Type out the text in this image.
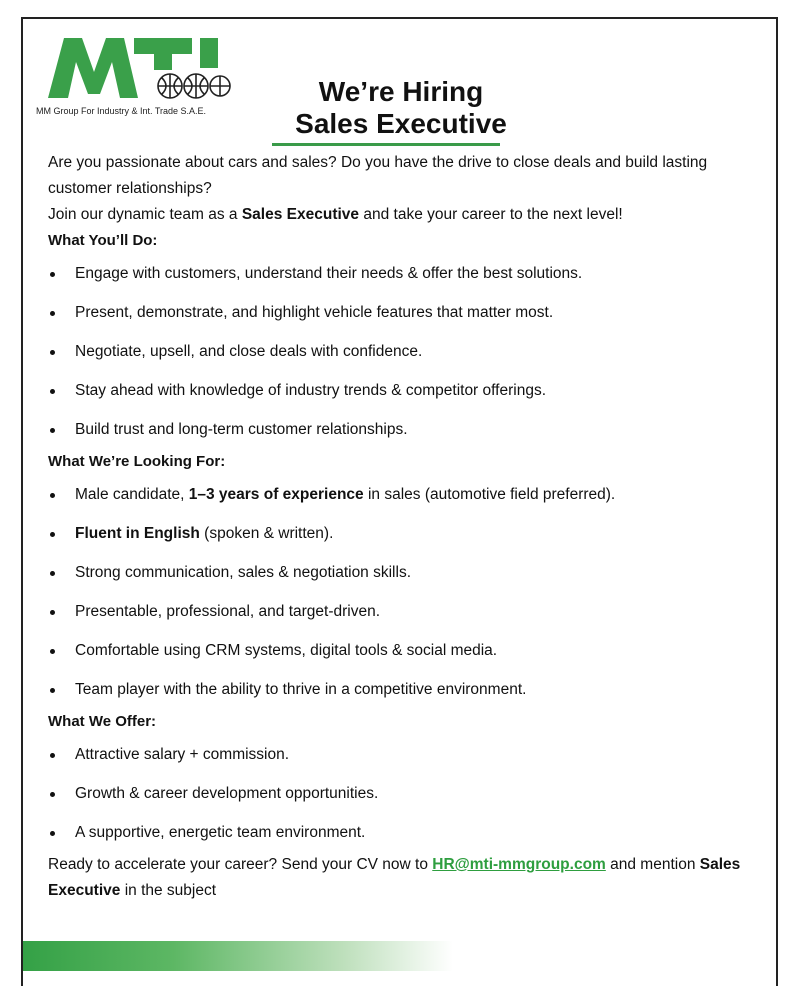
MM Group For Industry & Int. Trade S.A.E.
We’re Hiring
Sales Executive

Are you passionate about cars and sales? Do you have the drive to close deals and build lasting customer relationships?

Join our dynamic team as a Sales Executive and take your career to the next level!

What You’ll Do:

Engage with customers, understand their needs & offer the best solutions.
Present, demonstrate, and highlight vehicle features that matter most.
Negotiate, upsell, and close deals with confidence.
Stay ahead with knowledge of industry trends & competitor offerings.
Build trust and long-term customer relationships.

What We’re Looking For:

Male candidate, 1–3 years of experience in sales (automotive field preferred).
Fluent in English (spoken & written).
Strong communication, sales & negotiation skills.
Presentable, professional, and target-driven.
Comfortable using CRM systems, digital tools & social media.
Team player with the ability to thrive in a competitive environment.

What We Offer:

Attractive salary + commission.
Growth & career development opportunities.
A supportive, energetic team environment.

Ready to accelerate your career? Send your CV now to HR@mti-mmgroup.com and mention Sales Executive in the subject
